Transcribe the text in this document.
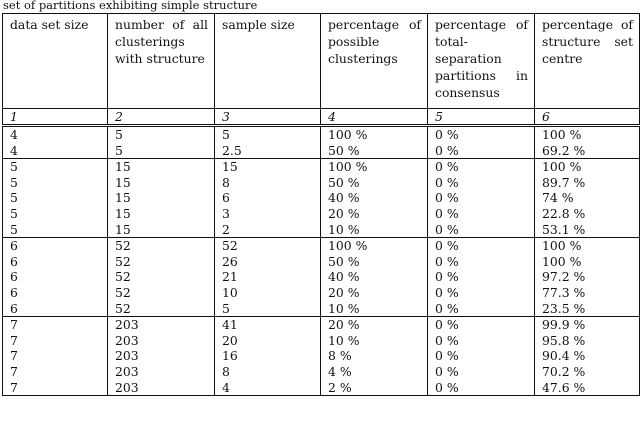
set of partitions exhibiting simple structure
data set size	number of all clusterings with structure	sample size	percentage of possible clusterings	percentage of total-separation partitions in consensus	percentage of structure set centre

1	2	3	4	5	6
4	5	5	100 %	0 %	100 %
4	5	2.5	50 %	0 %	69.2 %
5	15	15	100 %	0 %	100 %
5	15	8	50 %	0 %	89.7 %
5	15	6	40 %	0 %	74 %
5	15	3	20 %	0 %	22.8 %
5	15	2	10 %	0 %	53.1 %
6	52	52	100 %	0 %	100 %
6	52	26	50 %	0 %	100 %
6	52	21	40 %	0 %	97.2 %
6	52	10	20 %	0 %	77.3 %
6	52	5	10 %	0 %	23.5 %
7	203	41	20 %	0 %	99.9 %
7	203	20	10 %	0 %	95.8 %
7	203	16	8 %	0 %	90.4 %
7	203	8	4 %	0 %	70.2 %
7	203	4	2 %	0 %	47.6 %
